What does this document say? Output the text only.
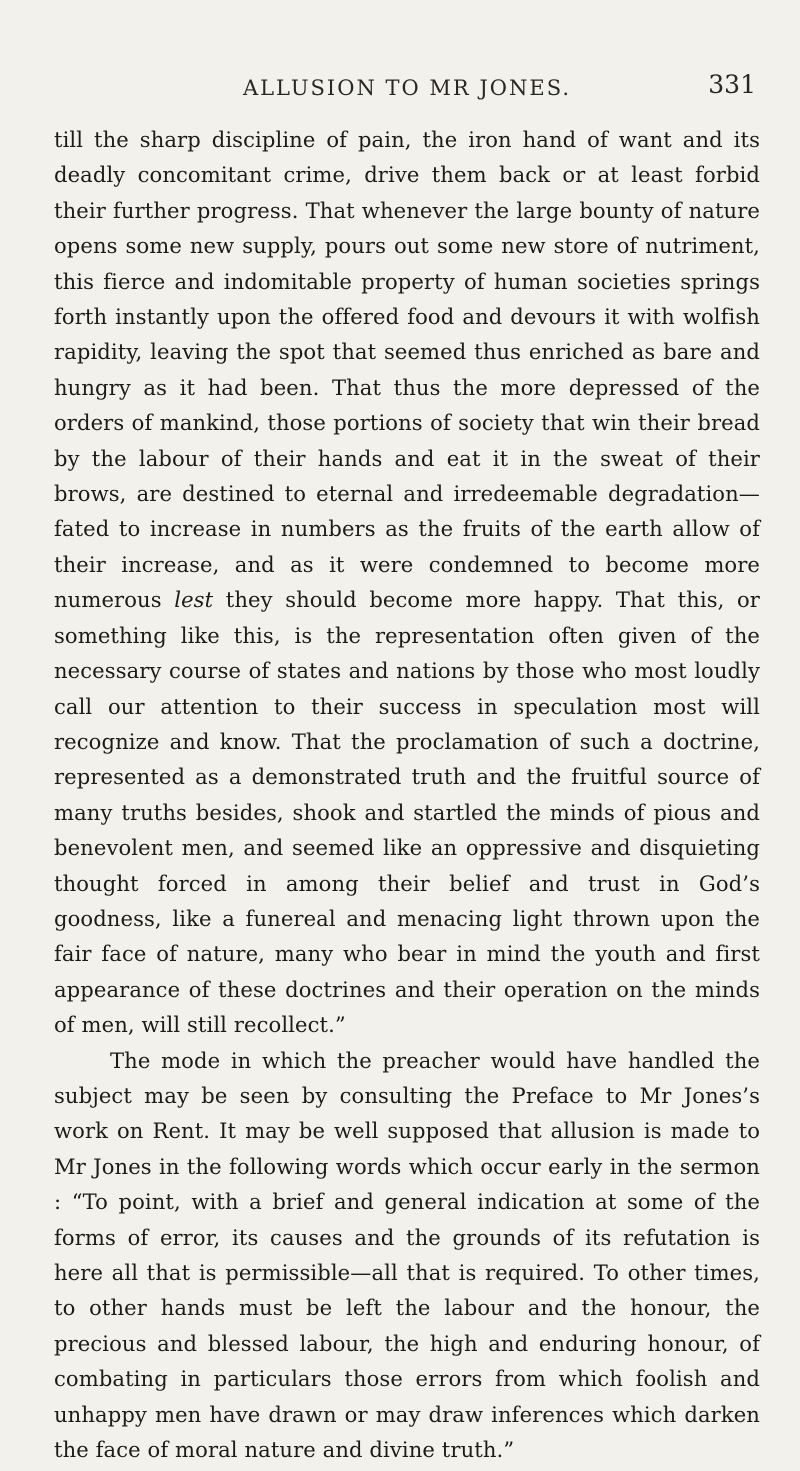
ALLUSION TO MR JONES.	331

till the sharp discipline of pain, the iron hand of want and its deadly concomitant crime, drive them back or at least forbid their further progress. That whenever the large bounty of nature opens some new supply, pours out some new store of nutriment, this fierce and indomitable property of human societies springs forth instantly upon the offered food and devours it with wolfish rapidity, leaving the spot that seemed thus enriched as bare and hungry as it had been. That thus the more depressed of the orders of mankind, those portions of society that win their bread by the labour of their hands and eat it in the sweat of their brows, are destined to eternal and irredeemable degradation—fated to increase in numbers as the fruits of the earth allow of their increase, and as it were condemned to become more numerous lest they should become more happy. That this, or something like this, is the representation often given of the necessary course of states and nations by those who most loudly call our attention to their success in speculation most will recognize and know. That the proclamation of such a doctrine, represented as a demonstrated truth and the fruitful source of many truths besides, shook and startled the minds of pious and benevolent men, and seemed like an oppressive and disquieting thought forced in among their belief and trust in God’s goodness, like a funereal and menacing light thrown upon the fair face of nature, many who bear in mind the youth and first appearance of these doctrines and their operation on the minds of men, will still recollect.”

The mode in which the preacher would have handled the subject may be seen by consulting the Preface to Mr Jones’s work on Rent. It may be well supposed that allusion is made to Mr Jones in the following words which occur early in the sermon : “To point, with a brief and general indication at some of the forms of error, its causes and the grounds of its refutation is here all that is permissible—all that is required. To other times, to other hands must be left the labour and the honour, the precious and blessed labour, the high and enduring honour, of combating in particulars those errors from which foolish and unhappy men have drawn or may draw inferences which darken the face of moral nature and divine truth.”
